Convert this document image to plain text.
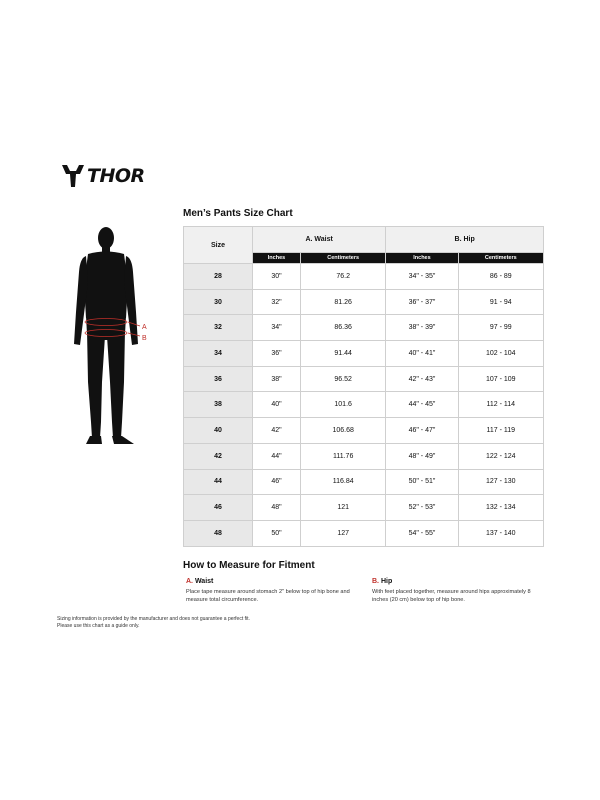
THOR
A
B
Men’s Pants Size Chart
Size	A. Waist		B. Hip	
	Inches	Centimeters	Inches	Centimeters
28	30"	76.2	34" - 35"	86 - 89
30	32"	81.26	36" - 37"	91 - 94
32	34"	86.36	38" - 39"	97 - 99
34	36"	91.44	40" - 41"	102 - 104
36	38"	96.52	42" - 43"	107 - 109
38	40"	101.6	44" - 45"	112 - 114
40	42"	106.68	46" - 47"	117 - 119
42	44"	111.76	48" - 49"	122 - 124
44	46"	116.84	50" - 51"	127 - 130
46	48"	121	52" - 53"	132 - 134
48	50"	127	54" - 55"	137 - 140
How to Measure for Fitment
A. Waist
Place tape measure around stomach 2" below top of hip bone and measure total circumference.
B. Hip
With feet placed together, measure around hips approximately 8 inches (20 cm) below top of hip bone.
Sizing information is provided by the manufacturer and does not guarantee a perfect fit.
Please use this chart as a guide only.
